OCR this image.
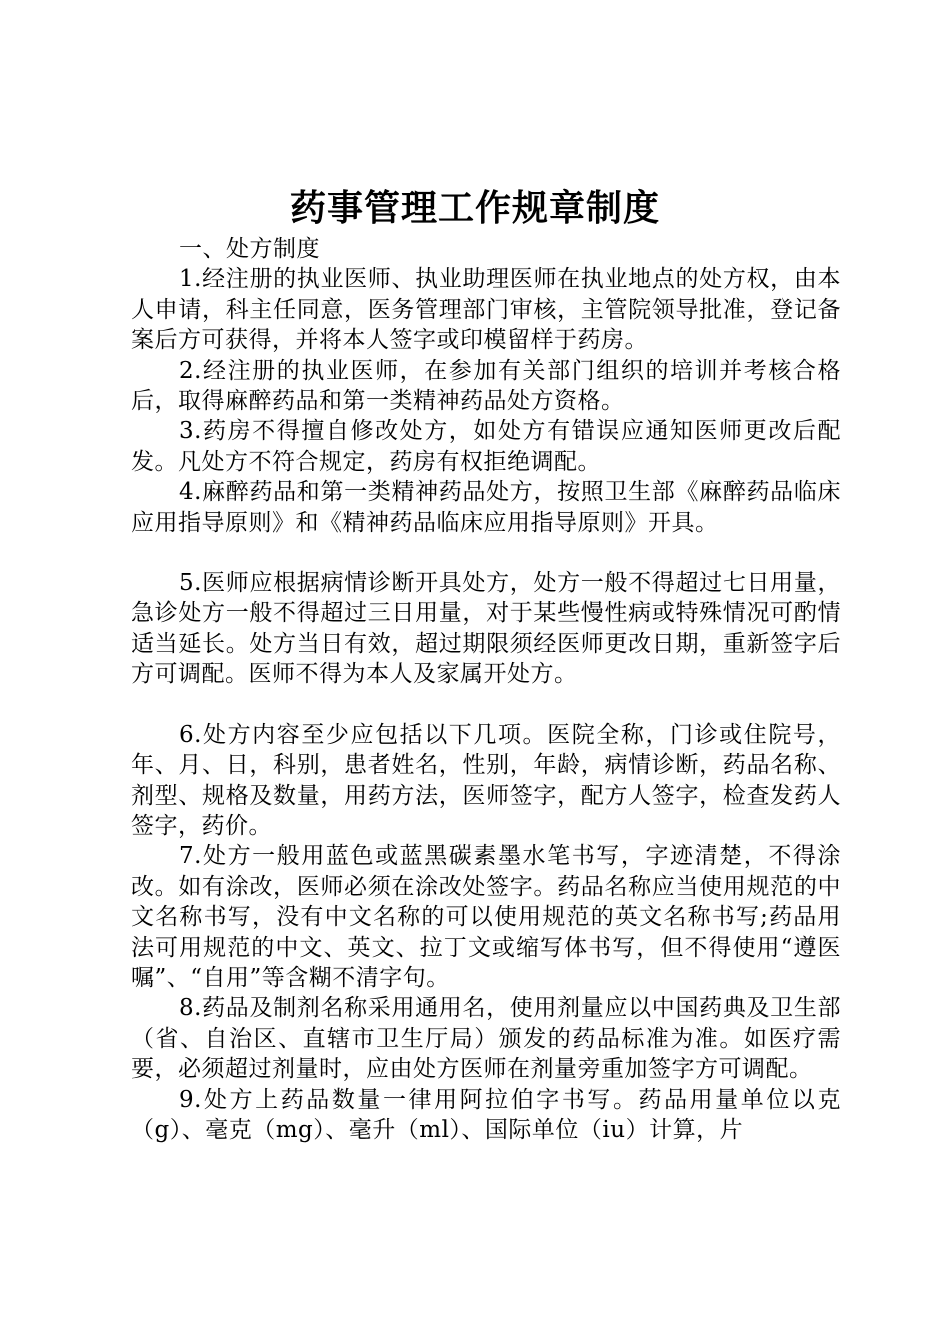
药事管理工作规章制度

一、处方制度

1.经注册的执业医师、执业助理医师在执业地点的处方权，由本人申请，科主任同意，医务管理部门审核，主管院领导批准，登记备案后方可获得，并将本人签字或印模留样于药房。

2.经注册的执业医师，在参加有关部门组织的培训并考核合格后，取得麻醉药品和第一类精神药品处方资格。

3.药房不得擅自修改处方，如处方有错误应通知医师更改后配发。凡处方不符合规定，药房有权拒绝调配。

4.麻醉药品和第一类精神药品处方，按照卫生部《麻醉药品临床应用指导原则》和《精神药品临床应用指导原则》开具。

5.医师应根据病情诊断开具处方，处方一般不得超过七日用量，急诊处方一般不得超过三日用量，对于某些慢性病或特殊情况可酌情适当延长。处方当日有效，超过期限须经医师更改日期，重新签字后方可调配。医师不得为本人及家属开处方。

6.处方内容至少应包括以下几项。医院全称，门诊或住院号，年、月、日，科别，患者姓名，性别，年龄，病情诊断，药品名称、剂型、规格及数量，用药方法，医师签字，配方人签字，检查发药人签字，药价。

7.处方一般用蓝色或蓝黑碳素墨水笔书写，字迹清楚，不得涂改。如有涂改，医师必须在涂改处签字。药品名称应当使用规范的中文名称书写，没有中文名称的可以使用规范的英文名称书写;药品用法可用规范的中文、英文、拉丁文或缩写体书写，但不得使用“遵医嘱”、“自用”等含糊不清字句。

8.药品及制剂名称采用通用名，使用剂量应以中国药典及卫生部（省、自治区、直辖市卫生厅局）颁发的药品标准为准。如医疗需要，必须超过剂量时，应由处方医师在剂量旁重加签字方可调配。

9.处方上药品数量一律用阿拉伯字书写。药品用量单位以克（g）、毫克（mg）、毫升（ml）、国际单位（iu）计算，片
